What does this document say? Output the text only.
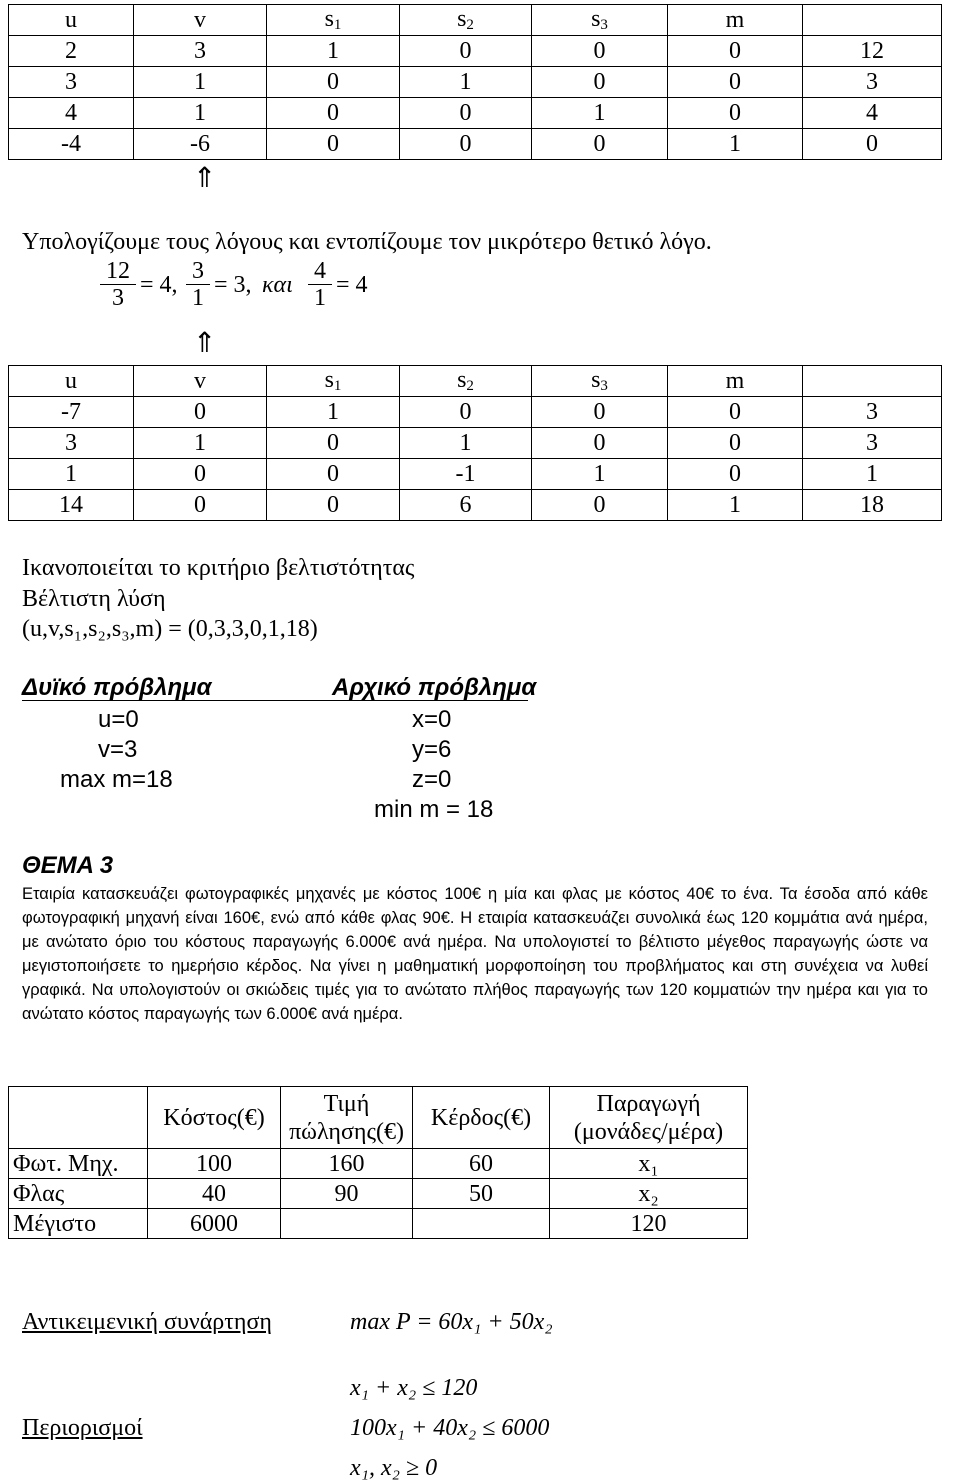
u	v	$s_1$	$s_2$	$s_3$	m	
2	3	1	0	0	0	12
3	1	0	1	0	0	3
4	1	0	0	1	0	4
-4	-6	0	0	0	1	0
⇑
Υπολογίζουμε τους λόγους και εντοπίζουμε τον μικρότερο θετικό λόγο.
$\frac{12}{3} = 4$, $\frac{3}{1} = 3$, και $\frac{4}{1} = 4$
⇑
u	v	$s_1$	$s_2$	$s_3$	m	
-7	0	1	0	0	0	3
3	1	0	1	0	0	3
1	0	0	-1	1	0	1
14	0	0	6	0	1	18
Ικανοποιείται το κριτήριο βελτιστότητας
Βέλτιστη λύση
(u,v,s₁,s₂,s₃,m) = (0,3,3,0,1,18)
Δυϊκό πρόβλημα	Αρχικό πρόβλημα
u=0
v=3
max m=18
x=0
y=6
z=0
min m = 18
ΘΕΜΑ 3
Εταιρία κατασκευάζει φωτογραφικές μηχανές με κόστος 100€ η μία και φλας με κόστος 40€ το ένα. Τα έσοδα από κάθε φωτογραφική μηχανή είναι 160€, ενώ από κάθε φλας 90€. Η εταιρία κατασκευάζει συνολικά έως 120 κομμάτια ανά ημέρα, με ανώτατο όριο του κόστους παραγωγής 6.000€ ανά ημέρα. Να υπολογιστεί το βέλτιστο μέγεθος παραγωγής ώστε να μεγιστοποιήσετε το ημερήσιο κέρδος. Να γίνει η μαθηματική μορφοποίηση του προβλήματος και στη συνέχεια να λυθεί γραφικά. Να υπολογιστούν οι σκιώδεις τιμές για το ανώτατο πλήθος παραγωγής των 120 κομματιών την ημέρα και για το ανώτατο κόστος παραγωγής των 6.000€ ανά ημέρα.
	Κόστος(€)	Τιμή πώλησης(€)	Κέρδος(€)	Παραγωγή (μονάδες/μέρα)
Φωτ. Μηχ.	100	160	60	x₁
Φλας	40	90	50	x₂
Μέγιστο	6000			120
Αντικειμενική συνάρτηση	max P = 60x₁ + 50x₂
x₁ + x₂ ≤ 120
Περιορισμοί	100x₁ + 40x₂ ≤ 6000
x₁, x₂ ≥ 0
